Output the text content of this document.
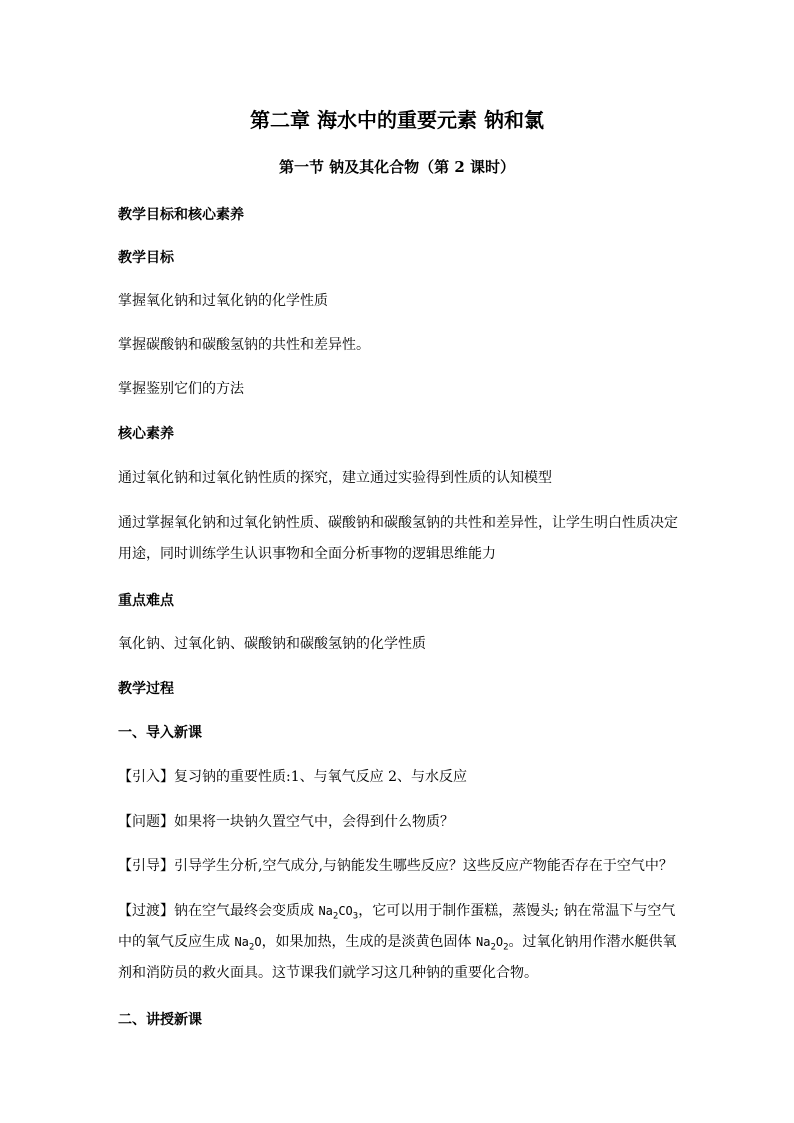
第二章 海水中的重要元素 钠和氯
第一节 钠及其化合物（第 2 课时）
教学目标和核心素养
教学目标
掌握氧化钠和过氧化钠的化学性质
掌握碳酸钠和碳酸氢钠的共性和差异性。
掌握鉴别它们的方法
核心素养
通过氧化钠和过氧化钠性质的探究，建立通过实验得到性质的认知模型
通过掌握氧化钠和过氧化钠性质、碳酸钠和碳酸氢钠的共性和差异性，让学生明白性质决定用途，同时训练学生认识事物和全面分析事物的逻辑思维能力
重点难点
氧化钠、过氧化钠、碳酸钠和碳酸氢钠的化学性质
教学过程
一、导入新课
【引入】复习钠的重要性质:1、与氧气反应 2、与水反应
【问题】如果将一块钠久置空气中，会得到什么物质？
【引导】引导学生分析,空气成分,与钠能发生哪些反应？这些反应产物能否存在于空气中？
【过渡】钠在空气最终会变质成 $Na_2CO_3$，它可以用于制作蛋糕，蒸馒头; 钠在常温下与空气中的氧气反应生成 $Na_2O$，如果加热，生成的是淡黄色固体 $Na_2O_2$。过氧化钠用作潜水艇供氧剂和消防员的救火面具。这节课我们就学习这几种钠的重要化合物。
二、讲授新课
